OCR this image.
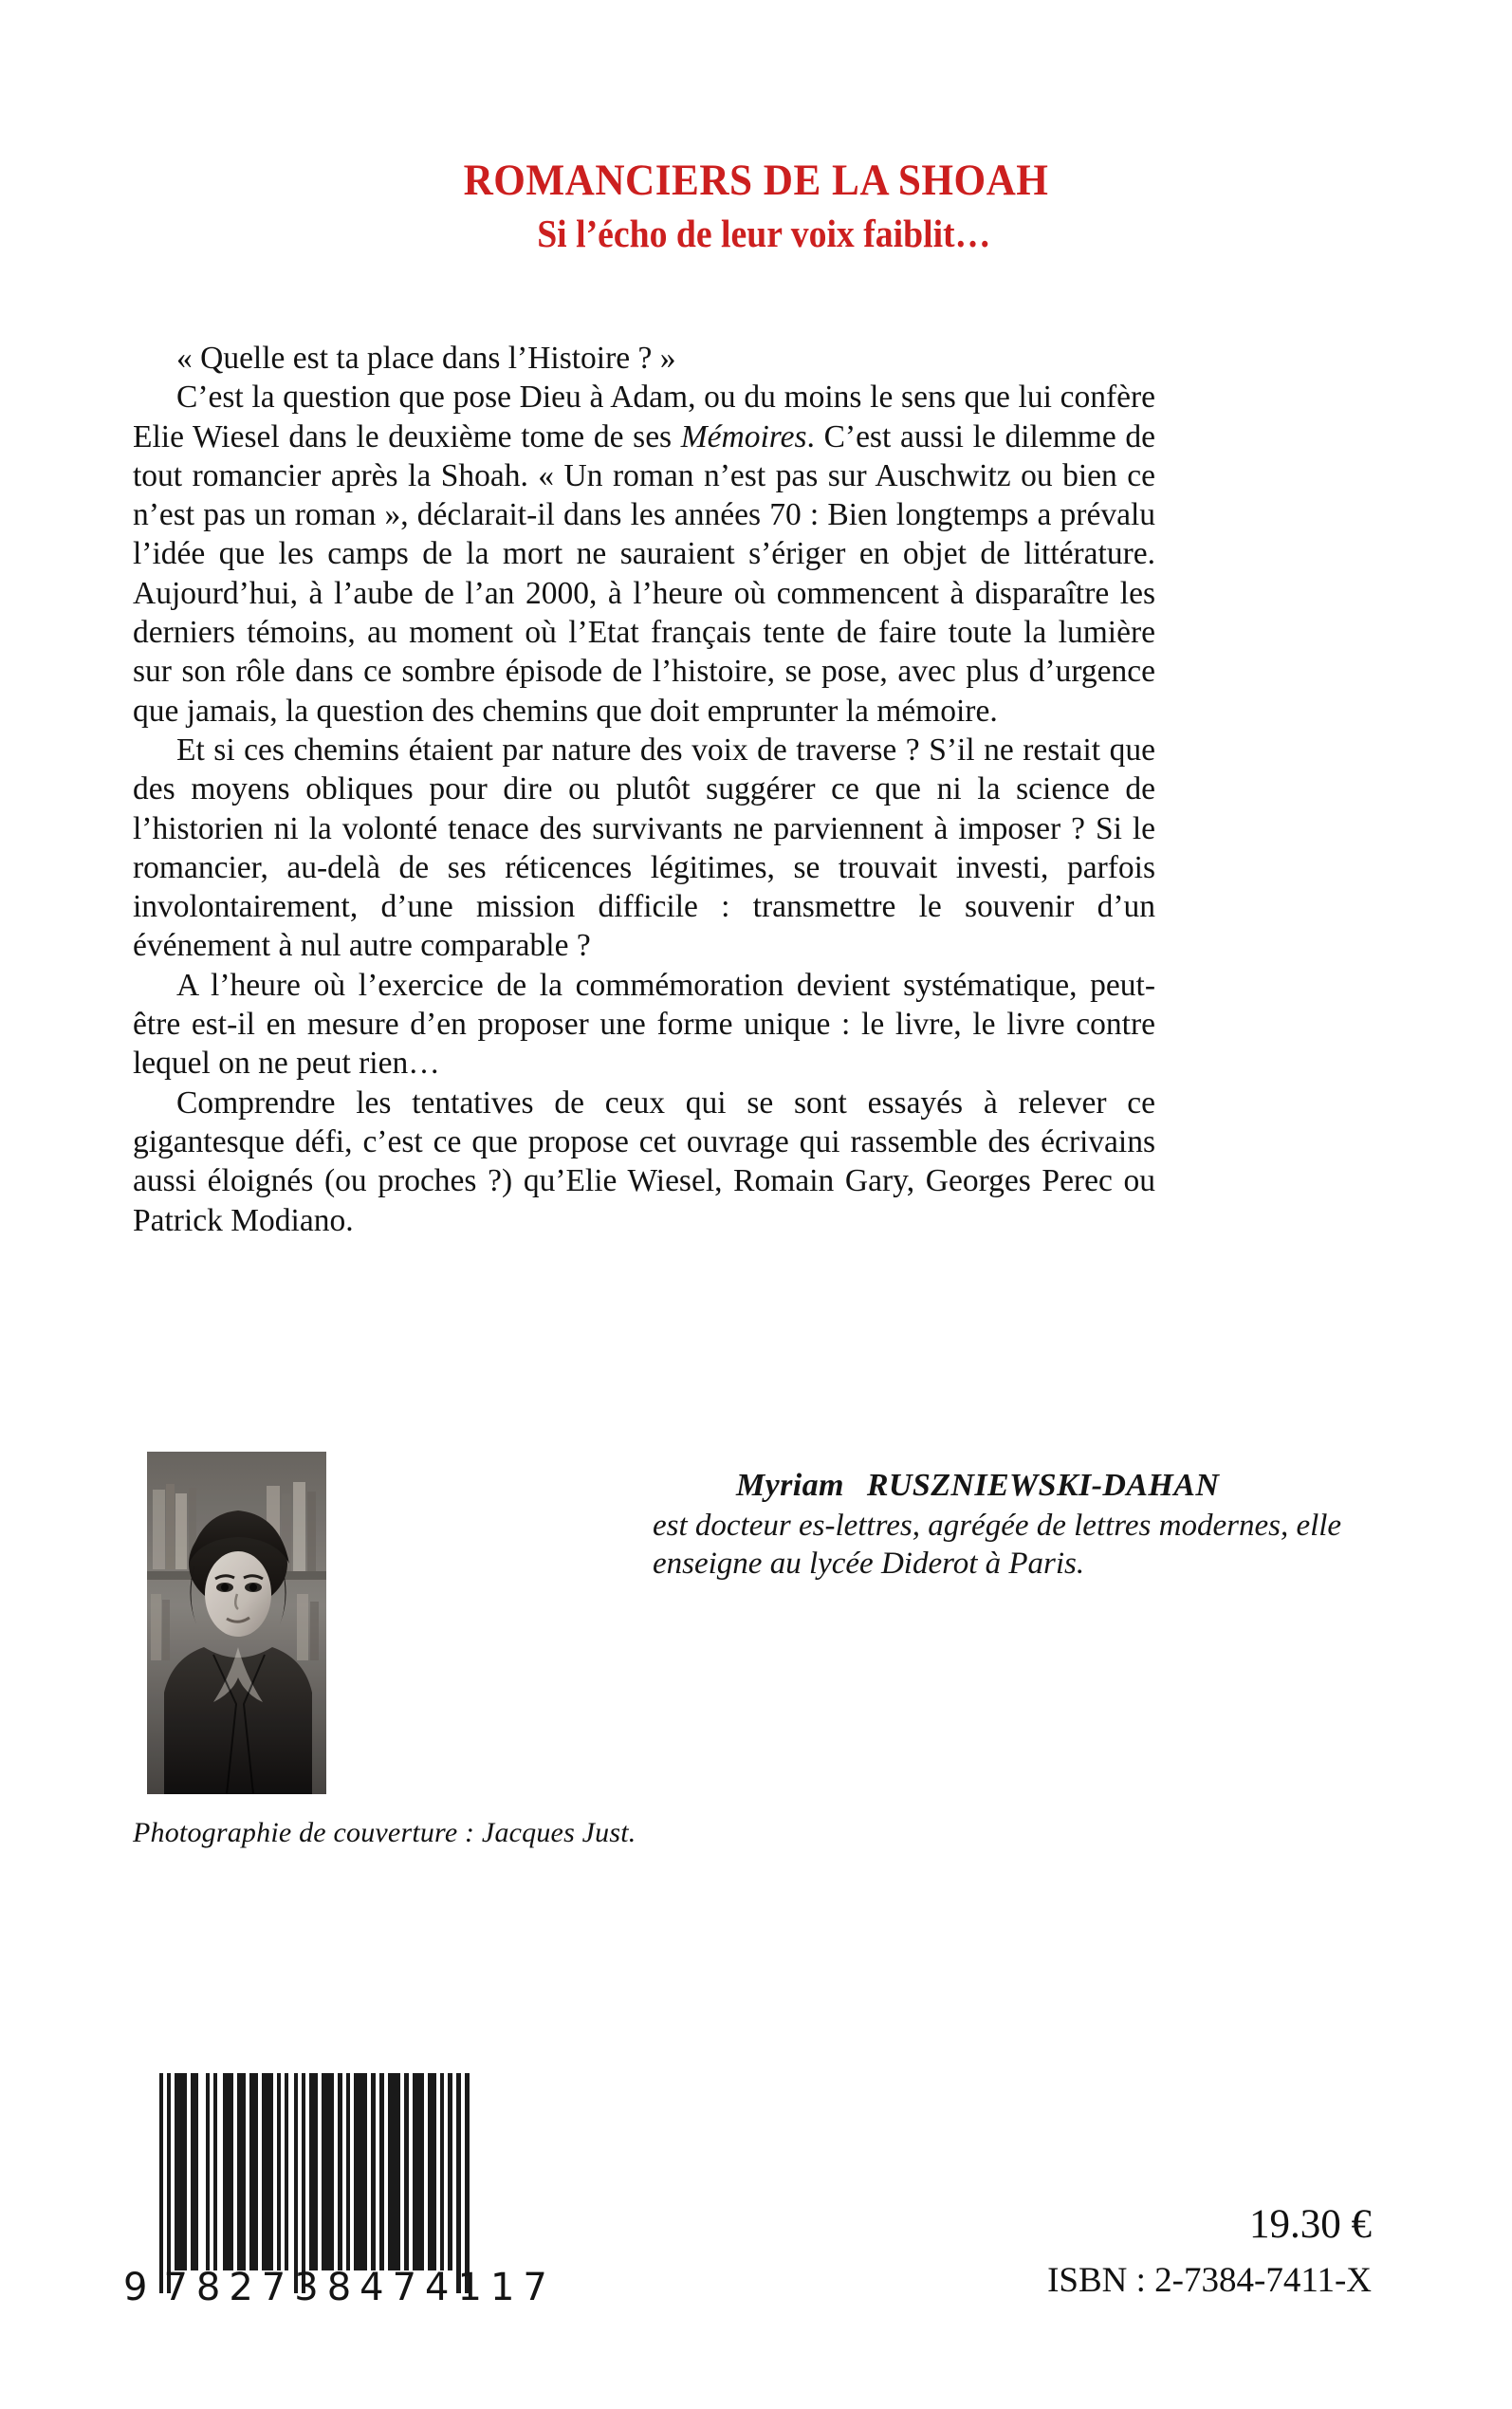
ROMANCIERS DE LA SHOAH
Si l’écho de leur voix faiblit…

« Quelle est ta place dans l’Histoire ? »

C’est la question que pose Dieu à Adam, ou du moins le sens que lui confère Elie Wiesel dans le deuxième tome de ses Mémoires. C’est aussi le dilemme de tout romancier après la Shoah. « Un roman n’est pas sur Auschwitz ou bien ce n’est pas un roman », déclarait-il dans les années 70 : Bien longtemps a prévalu l’idée que les camps de la mort ne sauraient s’ériger en objet de littérature. Aujourd’hui, à l’aube de l’an 2000, à l’heure où commencent à disparaître les derniers témoins, au moment où l’Etat français tente de faire toute la lumière sur son rôle dans ce sombre épisode de l’histoire, se pose, avec plus d’urgence que jamais, la question des chemins que doit emprunter la mémoire.

Et si ces chemins étaient par nature des voix de traverse ? S’il ne restait que des moyens obliques pour dire ou plutôt suggérer ce que ni la science de l’historien ni la volonté tenace des survivants ne parviennent à imposer ? Si le romancier, au-delà de ses réticences légitimes, se trouvait investi, parfois involontairement, d’une mission difficile : transmettre le souvenir d’un événement à nul autre comparable ?

A l’heure où l’exercice de la commémoration devient systématique, peut-être est-il en mesure d’en proposer une forme unique : le livre, le livre contre lequel on ne peut rien…

Comprendre les tentatives de ceux qui se sont essayés à relever ce gigantesque défi, c’est ce que propose cet ouvrage qui rassemble des écrivains aussi éloignés (ou proches ?) qu’Elie Wiesel, Romain Gary, Georges Perec ou Patrick Modiano.

Myriam RUSZNIEWSKI-DAHAN
est docteur es-lettres, agrégée de lettres modernes, elle enseigne au lycée Diderot à Paris.
Photographie de couverture : Jacques Just.
9 782738474117
19.30 €
ISBN : 2-7384-7411-X
